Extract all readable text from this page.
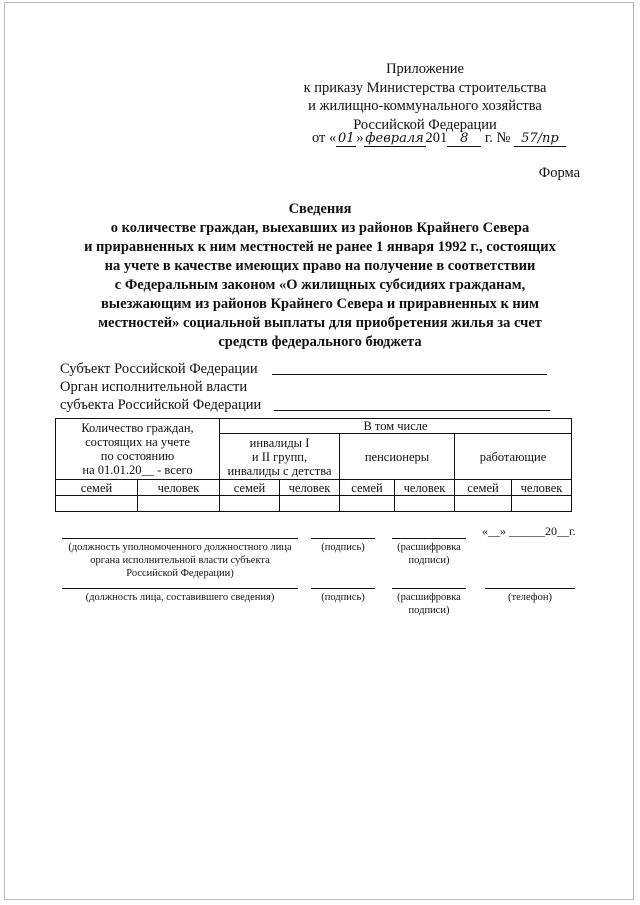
Приложение
к приказу Министерства строительства
и жилищно-коммунального хозяйства
Российской Федерации
от « 01 » февраля 201 8 г. № 57/пр
Форма
Сведения
о количестве граждан, выехавших из районов Крайнего Севера
и приравненных к ним местностей не ранее 1 января 1992 г., состоящих
на учете в качестве имеющих право на получение в соответствии
с Федеральным законом «О жилищных субсидиях гражданам,
выезжающим из районов Крайнего Севера и приравненных к ним
местностей» социальной выплаты для приобретения жилья за счет
средств федерального бюджета
Субъект Российской Федерации
Орган исполнительной власти
субъекта Российской Федерации
Количество граждан,
состоящих на учете
по состоянию
на 01.01.20__ - всего		В том числе					

		инвалиды I
и II групп,
инвалиды с детства		пенсионеры		работающие	
семей	человек	семей	человек	семей	человек	семей	человек

(должность уполномоченного должностного лица
органа исполнительной власти субъекта
Российской Федерации)
(подпись)	(расшифровка
подписи)
«__» ______20__г.
(должность лица, составившего сведения)	(подпись)	(расшифровка
подписи)
(телефон)
